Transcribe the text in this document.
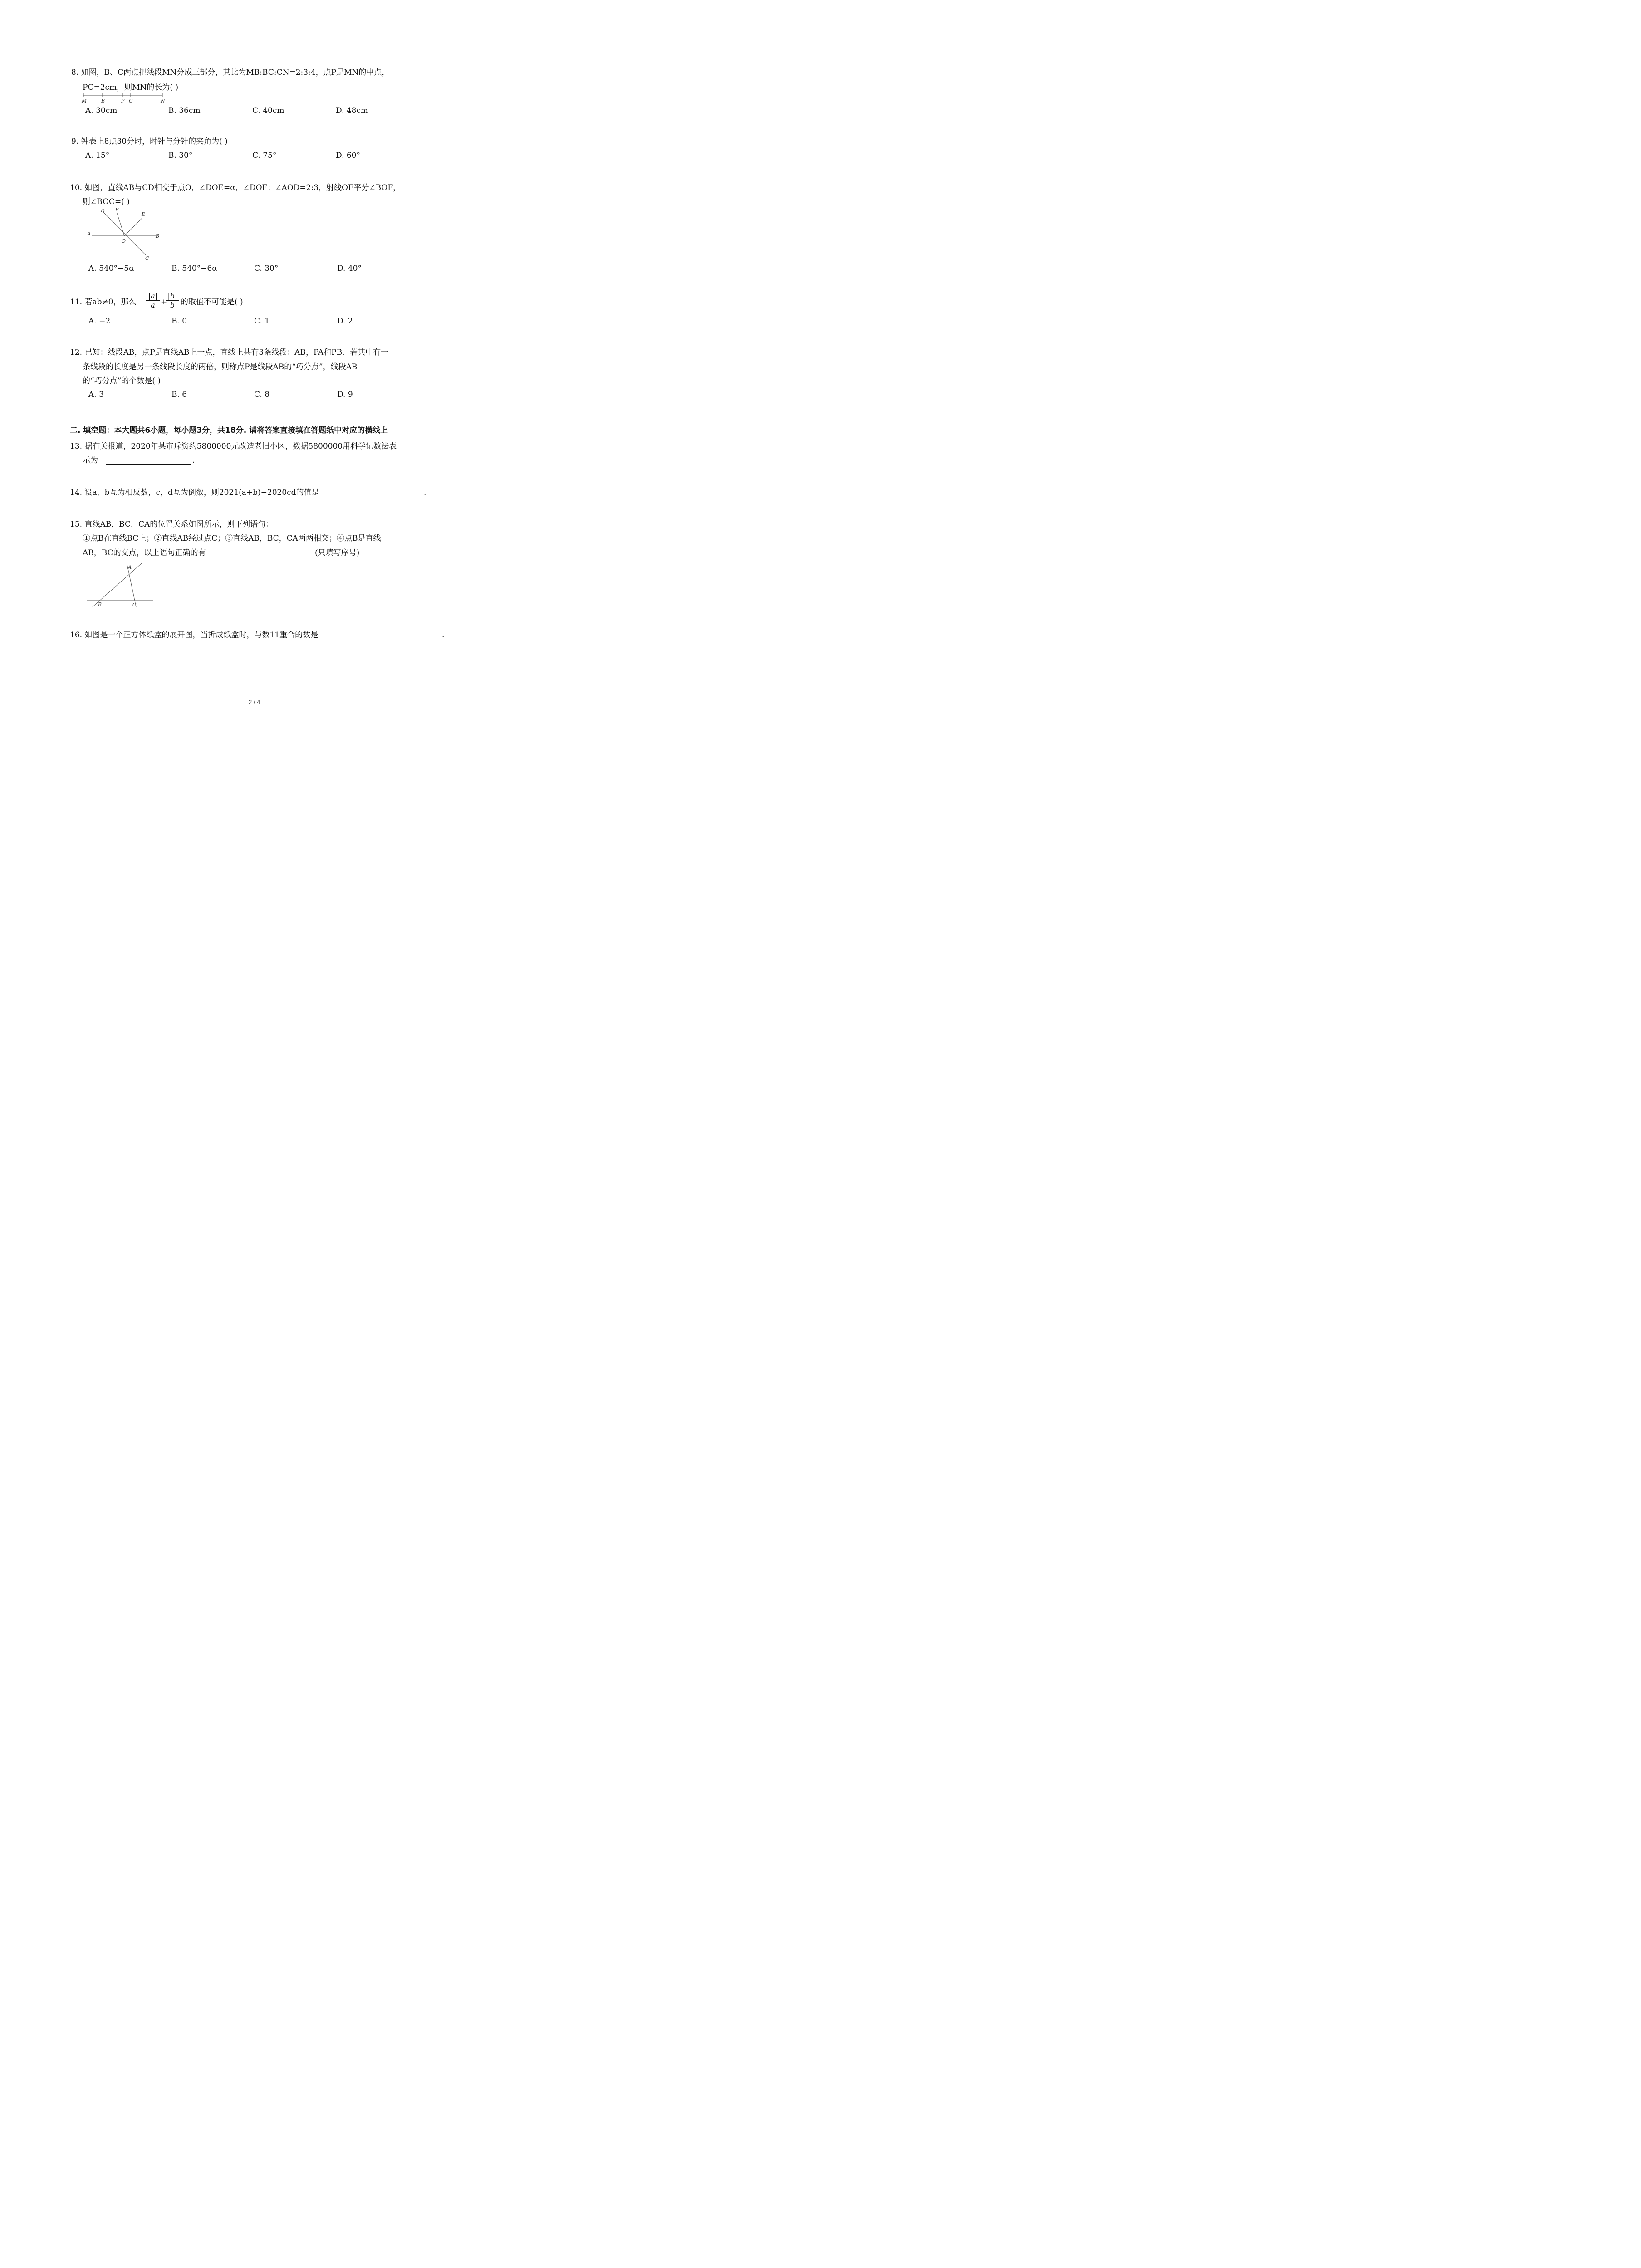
8. 如图，B、C两点把线段MN分成三部分，其比为MB:BC:CN=2:3:4，点P是MN的中点，
PC=2cm，则MN的长为( )
M	B	P C	N
A. 30cm	B. 36cm	C. 40cm	D. 48cm
9. 钟表上8点30分时，时针与分针的夹角为( )
A. 15°	B. 30°	C. 75°	D. 60°
10. 如图，直线AB与CD相交于点O，∠DOE=α，∠DOF：∠AOD=2:3，射线OE平分∠BOF，
则∠BOC=( )
D F
E
A
O
B
C
A. 540°−5α	B. 540°−6α	C. 30°	D. 40°
11. 若ab≠0，那么 $\frac{|a|}{a}$ +
$\frac{|b|}{b}$ 的取值不可能是( )
A. −2	B. 0	C. 1	D. 2
12. 已知：线段AB，点P是直线AB上一点，直线上共有3条线段：AB，PA和PB．若其中有一
条线段的长度是另一条线段长度的两倍，则称点P是线段AB的“巧分点”，线段AB
的“巧分点”的个数是( )
A. 3	B. 6	C. 8	D. 9
二. 填空题：本大题共6小题，每小题3分，共18分. 请将答案直接填在答题纸中对应的横线上
13. 据有关报道，2020年某市斥资约5800000元改造老旧小区，数据5800000用科学记数法表
示为	.
14. 设a，b互为相反数，c，d互为倒数，则2021(a+b)−2020cd的值是	.
15. 直线AB，BC，CA的位置关系如图所示，则下列语句：
①点B在直线BC上；②直线AB经过点C；③直线AB，BC，CA两两相交；④点B是直线
AB，BC的交点，以上语句正确的有	(只填写序号)
A
B	C
16. 如图是一个正方体纸盒的展开图，当折成纸盒时，与数11重合的数是	.
2 / 4
